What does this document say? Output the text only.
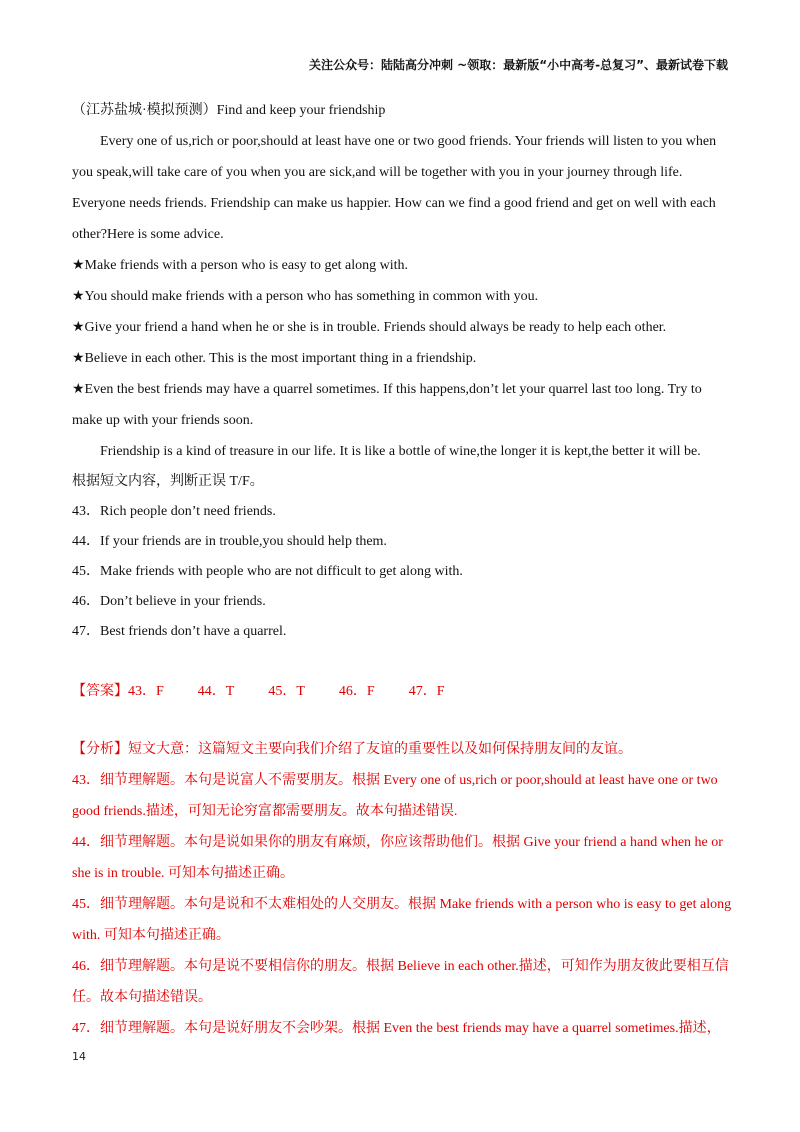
关注公众号：陆陆高分冲刺 ~领取：最新版“小中高考-总复习”、最新试卷下载
（江苏盐城·模拟预测）Find and keep your friendship
Every one of us,rich or poor,should at least have one or two good friends. Your friends will listen to you when you speak,will take care of you when you are sick,and will be together with you in your journey through life. Everyone needs friends. Friendship can make us happier. How can we find a good friend and get on well with each other?Here is some advice.
★Make friends with a person who is easy to get along with.
★You should make friends with a person who has something in common with you.
★Give your friend a hand when he or she is in trouble. Friends should always be ready to help each other.
★Believe in each other. This is the most important thing in a friendship.
★Even the best friends may have a quarrel sometimes. If this happens,don’t let your quarrel last too long. Try to make up with your friends soon.
Friendship is a kind of treasure in our life. It is like a bottle of wine,the longer it is kept,the better it will be.
根据短文内容，判断正误 T/F。
43．Rich people don’t need friends.
44．If your friends are in trouble,you should help them.
45．Make friends with people who are not difficult to get along with.
46．Don’t believe in your friends.
47．Best friends don’t have a quarrel.
【答案】43．F 44．T 45．T 46．F 47．F
【分析】短文大意：这篇短文主要向我们介绍了友谊的重要性以及如何保持朋友间的友谊。
43．细节理解题。本句是说富人不需要朋友。根据 Every one of us,rich or poor,should at least have one or two good friends.描述，可知无论穷富都需要朋友。故本句描述错误.
44．细节理解题。本句是说如果你的朋友有麻烦，你应该帮助他们。根据 Give your friend a hand when he or she is in trouble. 可知本句描述正确。
45．细节理解题。本句是说和不太难相处的人交朋友。根据 Make friends with a person who is easy to get along with. 可知本句描述正确。
46．细节理解题。本句是说不要相信你的朋友。根据 Believe in each other.描述，可知作为朋友彼此要相互信任。故本句描述错误。
47．细节理解题。本句是说好朋友不会吵架。根据 Even the best friends may have a quarrel sometimes.描述，
14
